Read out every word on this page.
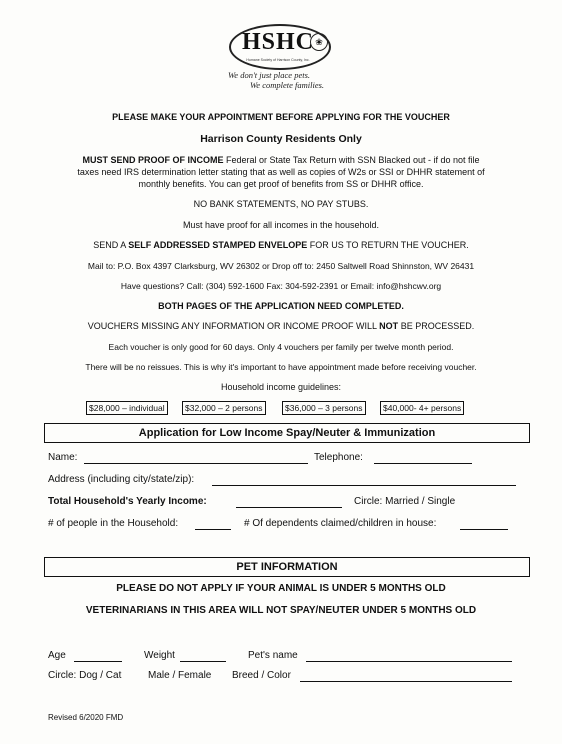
HSHC ❀
Humane Society of Harrison County, Inc.
We don't just place pets.
We complete families.
PLEASE MAKE YOUR APPOINTMENT BEFORE APPLYING FOR THE VOUCHER
Harrison County Residents Only
MUST SEND PROOF OF INCOME Federal or State Tax Return with SSN Blacked out - if do not file
taxes need IRS determination letter stating that as well as copies of W2s or SSI or DHHR statement of
monthly benefits. You can get proof of benefits from SS or DHHR office.
NO BANK STATEMENTS, NO PAY STUBS.
Must have proof for all incomes in the household.
SEND A SELF ADDRESSED STAMPED ENVELOPE FOR US TO RETURN THE VOUCHER.
Mail to: P.O. Box 4397 Clarksburg, WV 26302 or Drop off to: 2450 Saltwell Road Shinnston, WV 26431
Have questions? Call: (304) 592-1600 Fax: 304-592-2391 or Email: info@hshcwv.org
BOTH PAGES OF THE APPLICATION NEED COMPLETED.
VOUCHERS MISSING ANY INFORMATION OR INCOME PROOF WILL NOT BE PROCESSED.
Each voucher is only good for 60 days. Only 4 vouchers per family per twelve month period.
There will be no reissues. This is why it's important to have appointment made before receiving voucher.
Household income guidelines:
$28,000 – individual	$32,000 – 2 persons	$36,000 – 3 persons	$40,000- 4+ persons
Application for Low Income Spay/Neuter & Immunization
Name:	Telephone:
Address (including city/state/zip):
Total Household's Yearly Income:	Circle: Married / Single
# of people in the Household:	# Of dependents claimed/children in house:
PET INFORMATION
PLEASE DO NOT APPLY IF YOUR ANIMAL IS UNDER 5 MONTHS OLD
VETERINARIANS IN THIS AREA WILL NOT SPAY/NEUTER UNDER 5 MONTHS OLD
Age	Weight	Pet's name
Circle: Dog / Cat	Male / Female Breed / Color
Revised 6/2020 FMD
